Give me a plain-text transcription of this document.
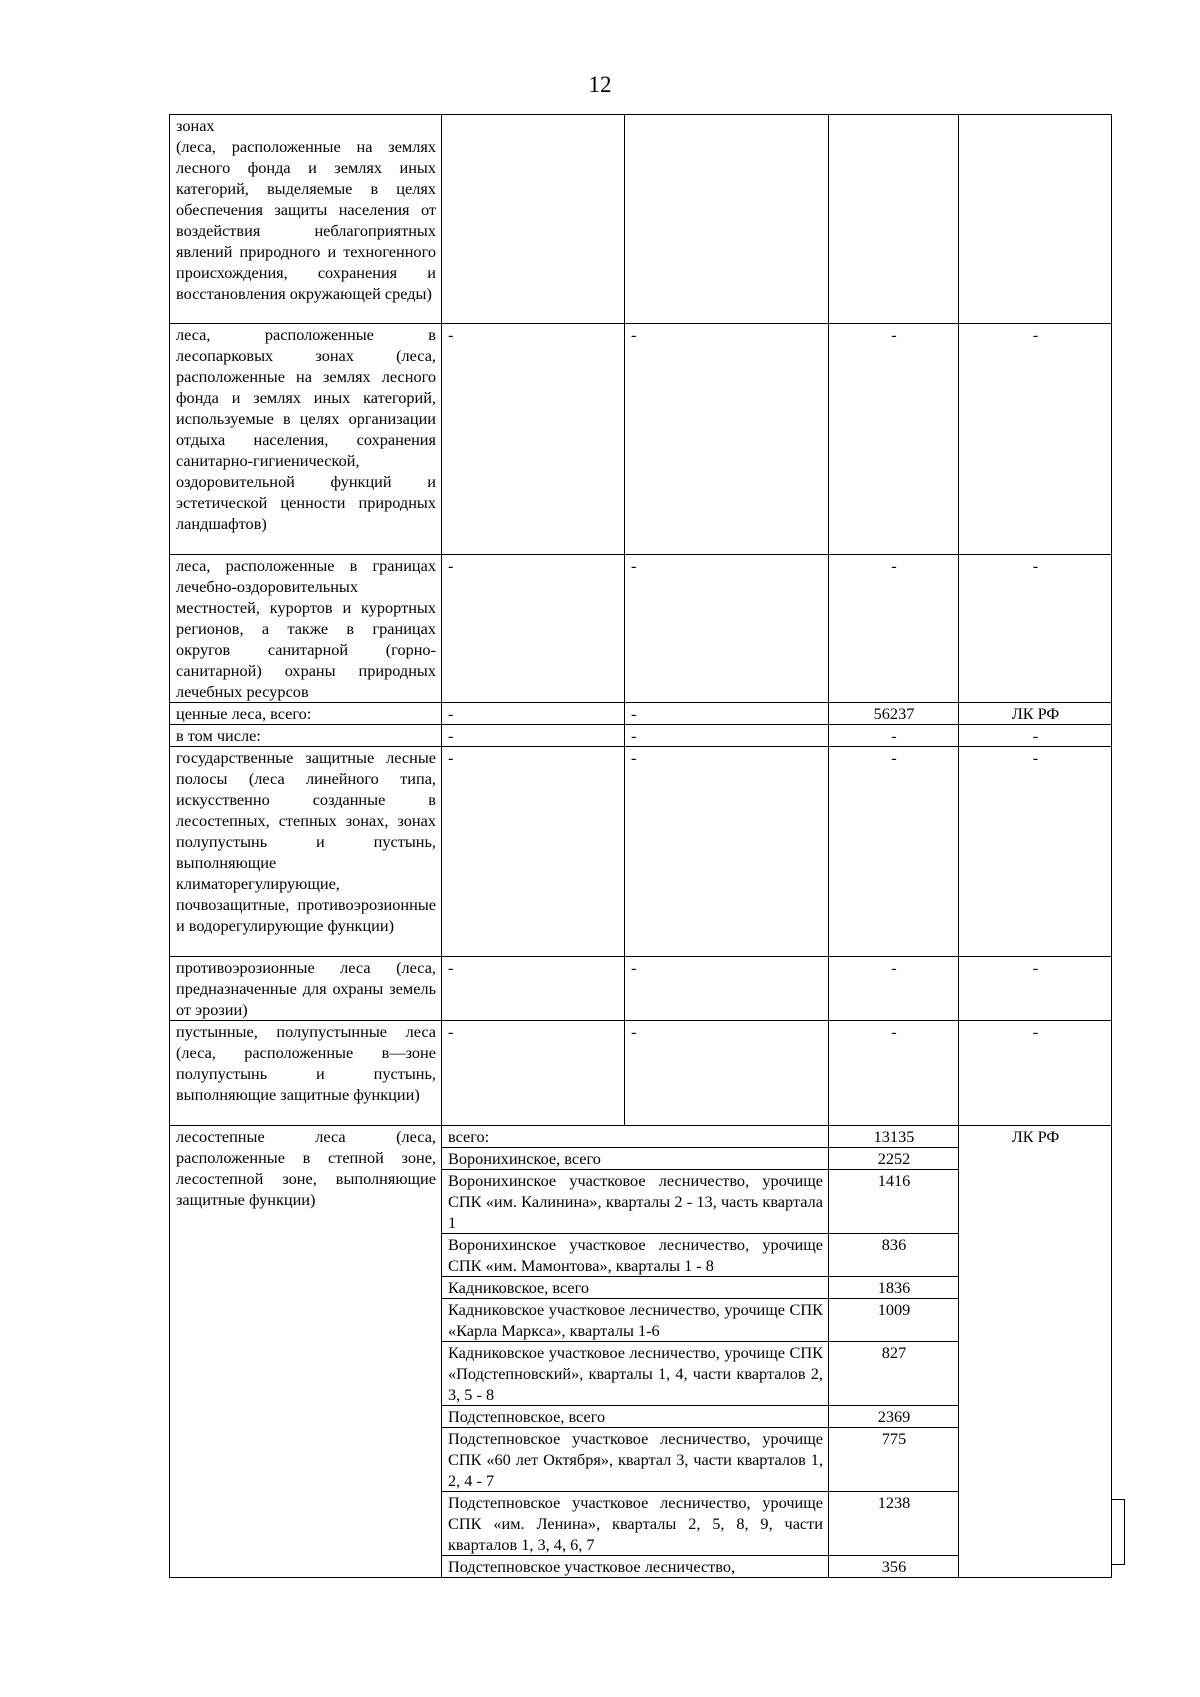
12
зонах
(леса, расположенные на землях лесного фонда и землях иных категорий, выделяемые в целях обеспечения защиты населения от воздействия неблагоприятных явлений природного и техногенного происхождения, сохранения и восстановления окружающей среды)				
леса, расположенные в лесопарковых зонах (леса, расположенные на землях лесного фонда и землях иных категорий, используемые в целях организации отдыха населения, сохранения санитарно-гигиенической, оздоровительной функций и эстетической ценности природных ландшафтов)	-	-	-	-
леса, расположенные в границах лечебно-оздоровительных местностей, курортов и курортных регионов, а также в границах округов санитарной (горно-санитарной) охраны природных лечебных ресурсов	-	-	-	-
ценные леса, всего:	-	-	56237	ЛК РФ
в том числе:	-	-	-	-
государственные защитные лесные полосы (леса линейного типа, искусственно созданные в лесостепных, степных зонах, зонах полупустынь и пустынь, выполняющие климаторегулирующие, почвозащитные, противоэрозионные и водорегулирующие функции)	-	-	-	-
противоэрозионные леса (леса, предназначенные для охраны земель от эрозии)	-	-	-	-
пустынные, полупустынные леса (леса, расположенные в—зоне полупустынь и пустынь, выполняющие защитные функции)	-	-	-	-
лесостепные леса (леса, расположенные в степной зоне, лесостепной зоне, выполняющие защитные функции)	всего:		13135	ЛК РФ
	Воронихинское, всего		2252	
	Воронихинское участковое лесничество, урочище СПК «им. Калинина», кварталы 2 - 13, часть квартала 1		1416	
	Воронихинское участковое лесничество, урочище СПК «им. Мамонтова», кварталы 1 - 8		836	
	Кадниковское, всего		1836	
	Кадниковское участковое лесничество, урочище СПК «Карла Маркса», кварталы 1-6		1009	
	Кадниковское участковое лесничество, урочище СПК «Подстепновский», кварталы 1, 4, части кварталов 2, 3, 5 - 8		827	
	Подстепновское, всего		2369	
	Подстепновское участковое лесничество, урочище СПК «60 лет Октября», квартал 3, части кварталов 1, 2, 4 - 7		775	
	Подстепновское участковое лесничество, урочище СПК «им. Ленина», кварталы 2, 5, 8, 9, части кварталов 1, 3, 4, 6, 7		1238	
	Подстепновское участковое лесничество,		356	
